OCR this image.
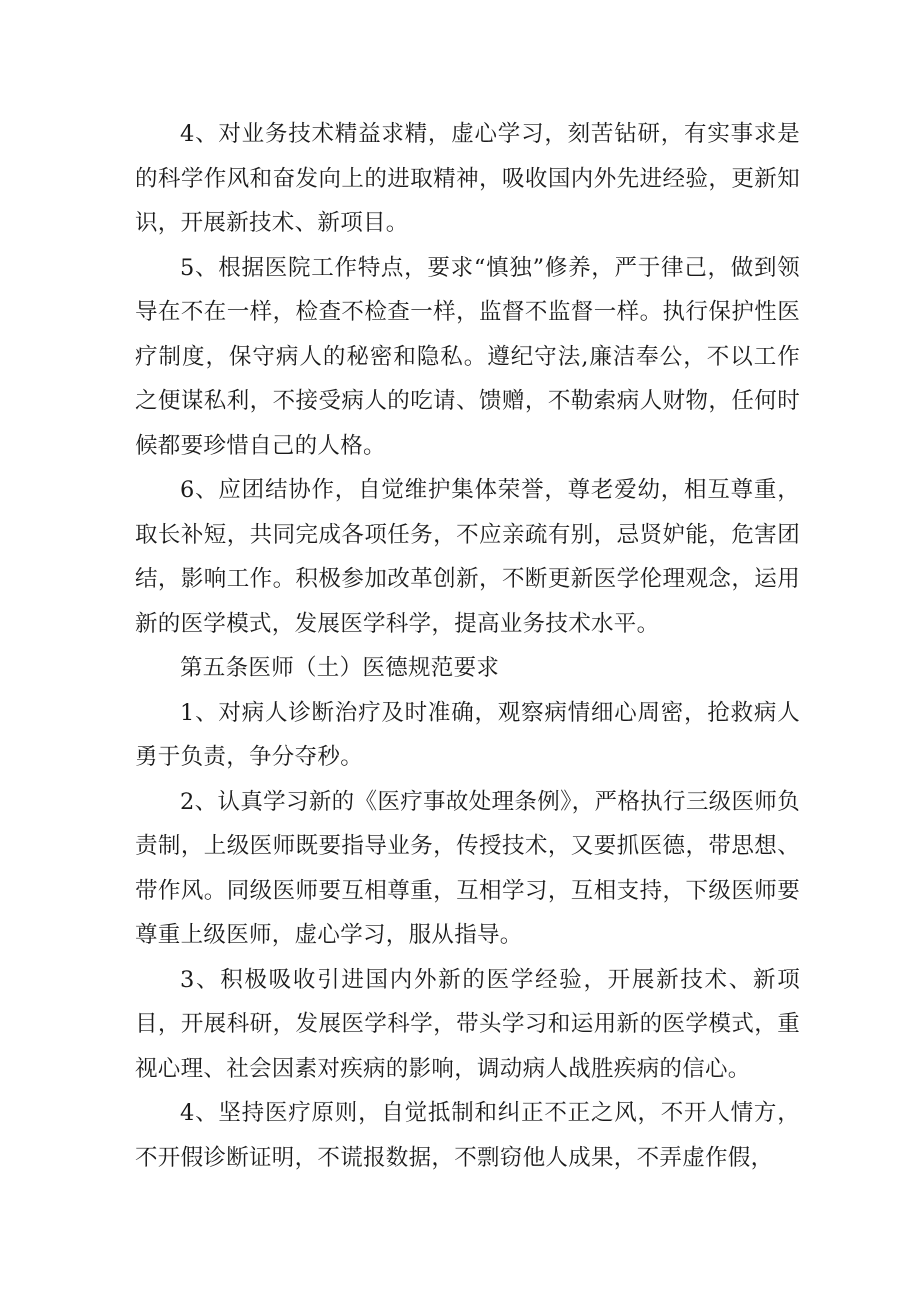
4、对业务技术精益求精，虚心学习，刻苦钻研，有实事求是的科学作风和奋发向上的进取精神，吸收国内外先进经验，更新知识，开展新技术、新项目。

5、根据医院工作特点，要求“慎独”修养，严于律己，做到领导在不在一样，检查不检查一样，监督不监督一样。执行保护性医疗制度，保守病人的秘密和隐私。遵纪守法,廉洁奉公，不以工作之便谋私利，不接受病人的吃请、馈赠，不勒索病人财物，任何时候都要珍惜自己的人格。

6、应团结协作，自觉维护集体荣誉，尊老爱幼，相互尊重，取长补短，共同完成各项任务，不应亲疏有别，忌贤妒能，危害团结，影响工作。积极参加改革创新，不断更新医学伦理观念，运用新的医学模式，发展医学科学，提高业务技术水平。

第五条医师（土）医德规范要求

1、对病人诊断治疗及时准确，观察病情细心周密，抢救病人勇于负责，争分夺秒。

2、认真学习新的《医疗事故处理条例》，严格执行三级医师负责制，上级医师既要指导业务，传授技术，又要抓医德，带思想、带作风。同级医师要互相尊重，互相学习，互相支持，下级医师要尊重上级医师，虚心学习，服从指导。

3、积极吸收引进国内外新的医学经验，开展新技术、新项目，开展科研，发展医学科学，带头学习和运用新的医学模式，重视心理、社会因素对疾病的影响，调动病人战胜疾病的信心。

4、坚持医疗原则，自觉抵制和纠正不正之风，不开人情方，不开假诊断证明，不谎报数据，不剽窃他人成果，不弄虚作假，
